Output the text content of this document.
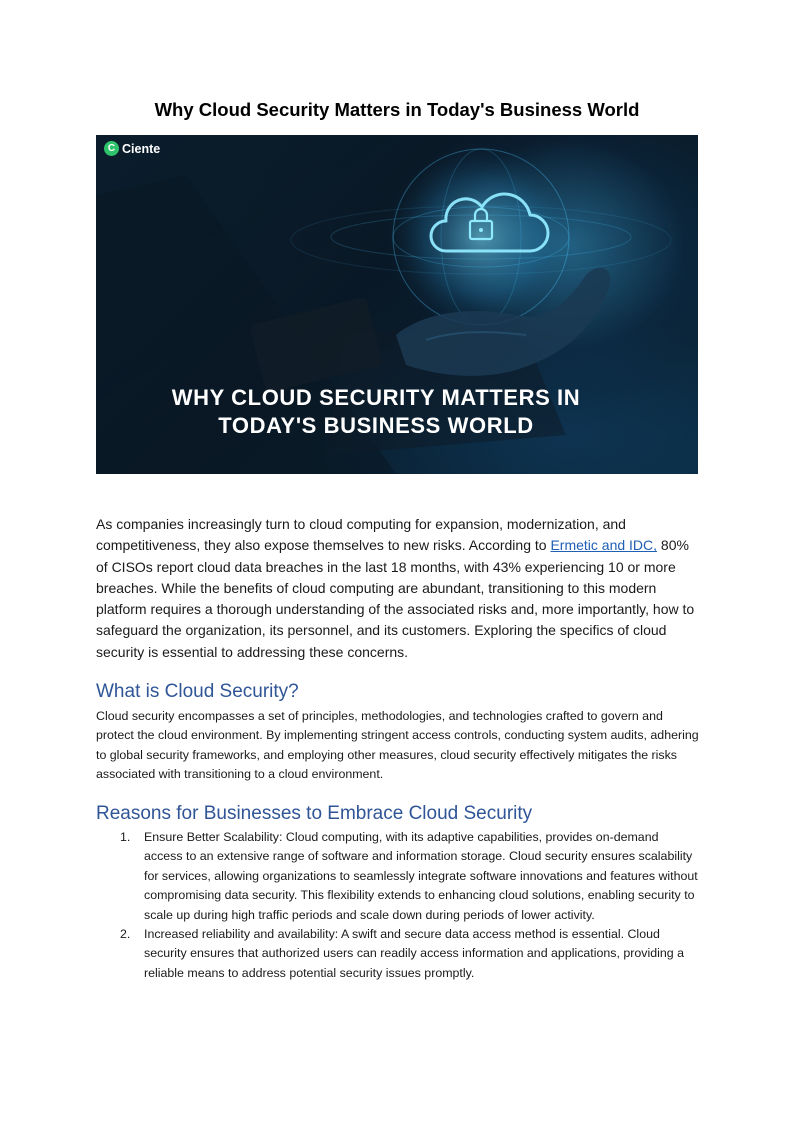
Why Cloud Security Matters in Today's Business World
C Ciente
WHY CLOUD SECURITY MATTERS IN
TODAY'S BUSINESS WORLD

As companies increasingly turn to cloud computing for expansion, modernization, and competitiveness, they also expose themselves to new risks. According to Ermetic and IDC, 80% of CISOs report cloud data breaches in the last 18 months, with 43% experiencing 10 or more breaches. While the benefits of cloud computing are abundant, transitioning to this modern platform requires a thorough understanding of the associated risks and, more importantly, how to safeguard the organization, its personnel, and its customers. Exploring the specifics of cloud security is essential to addressing these concerns.

What is Cloud Security?

Cloud security encompasses a set of principles, methodologies, and technologies crafted to govern and protect the cloud environment. By implementing stringent access controls, conducting system audits, adhering to global security frameworks, and employing other measures, cloud security effectively mitigates the risks associated with transitioning to a cloud environment.

Reasons for Businesses to Embrace Cloud Security
1. Ensure Better Scalability: Cloud computing, with its adaptive capabilities, provides on-demand access to an extensive range of software and information storage. Cloud security ensures scalability for services, allowing organizations to seamlessly integrate software innovations and features without compromising data security. This flexibility extends to enhancing cloud solutions, enabling security to scale up during high traffic periods and scale down during periods of lower activity.
2. Increased reliability and availability: A swift and secure data access method is essential. Cloud security ensures that authorized users can readily access information and applications, providing a reliable means to address potential security issues promptly.
